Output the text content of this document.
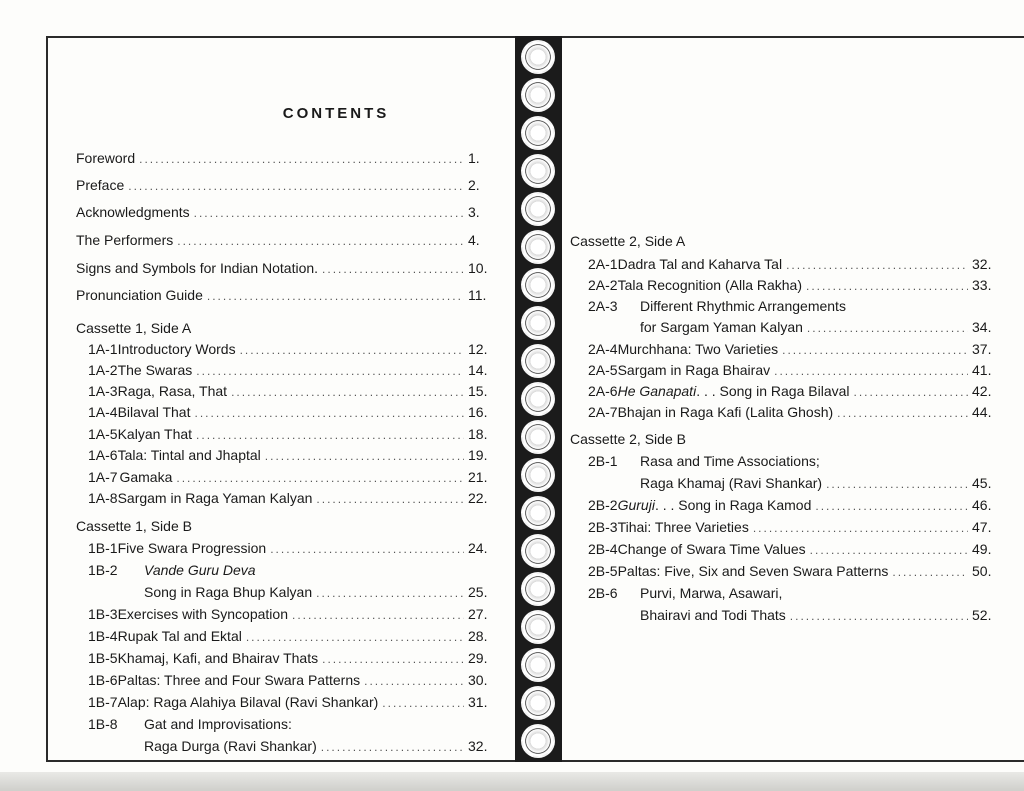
CONTENTS
Foreword .....	1.
Preface .....	2.
Acknowledgments .....	3.
The Performers .....	4.
Signs and Symbols for Indian Notation. .....	10.
Pronunciation Guide .....	11.
Cassette 1, Side A
1A-1 Introductory Words .....	12.
1A-2 The Swaras .....	14.
1A-3 Raga, Rasa, That .....	15.
1A-4 Bilaval That .....	16.
1A-5 Kalyan That .....	18.
1A-6 Tala: Tintal and Jhaptal .....	19.
1A-7 Gamaka .....	21.
1A-8 Sargam in Raga Yaman Kalyan .....	22.
Cassette 1, Side B
1B-1 Five Swara Progression .....	24.
1B-2	Vande Guru Deva
Song in Raga Bhup Kalyan .....	25.
1B-3 Exercises with Syncopation .....	27.
1B-4 Rupak Tal and Ektal .....	28.
1B-5 Khamaj, Kafi, and Bhairav Thats .....	29.
1B-6 Paltas: Three and Four Swara Patterns .....	30.
1B-7 Alap: Raga Alahiya Bilaval (Ravi Shankar) .....	31.
1B-8	Gat and Improvisations:
Raga Durga (Ravi Shankar) .....	32.
Cassette 2, Side A
2A-1 Dadra Tal and Kaharva Tal .....	32.
2A-2 Tala Recognition (Alla Rakha) .....	33.
2A-3	Different Rhythmic Arrangements
for Sargam Yaman Kalyan .....	34.
2A-4 Murchhana: Two Varieties .....	37.
2A-5 Sargam in Raga Bhairav .....	41.
2A-6 He Ganapati . . . Song in Raga Bilaval .....	42.
2A-7 Bhajan in Raga Kafi (Lalita Ghosh) .....	44.
Cassette 2, Side B
2B-1	Rasa and Time Associations;
Raga Khamaj (Ravi Shankar) .....	45.
2B-2 Guruji . . . Song in Raga Kamod .....	46.
2B-3 Tihai: Three Varieties .....	47.
2B-4 Change of Swara Time Values .....	49.
2B-5 Paltas: Five, Six and Seven Swara Patterns .....	50.
2B-6	Purvi, Marwa, Asawari,
Bhairavi and Todi Thats .....	52.
